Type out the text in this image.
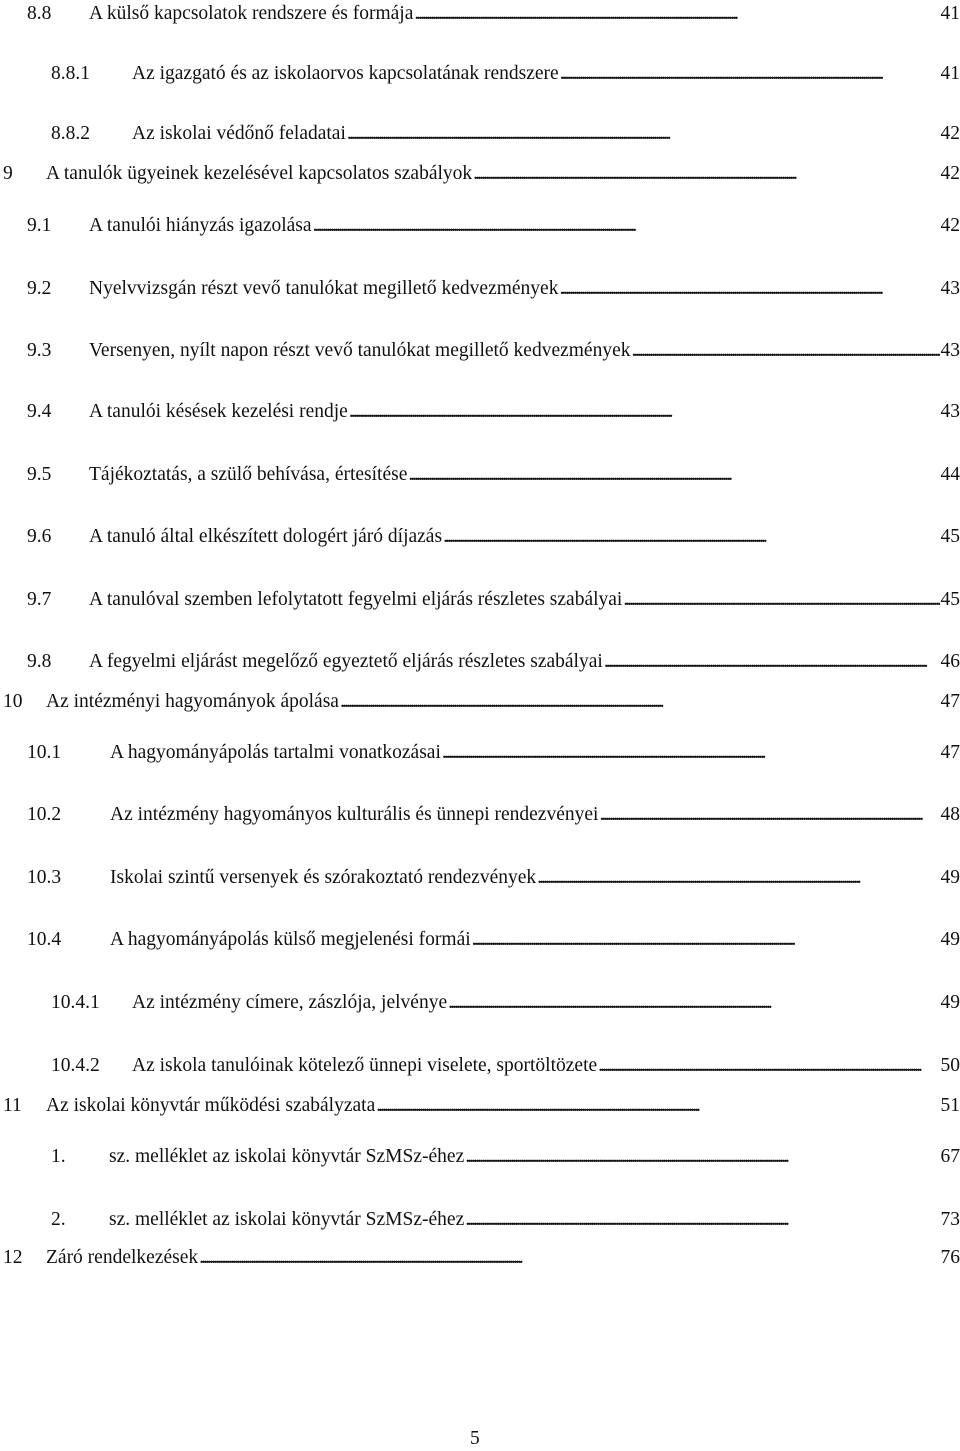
8.8	A külső kapcsolatok rendszere és formája . . .	41
8.8.1	Az igazgató és az iskolaorvos kapcsolatának rendszere . . .	41
8.8.2	Az iskolai védőnő feladatai . . .	42
9	A tanulók ügyeinek kezelésével kapcsolatos szabályok . . .	42
9.1	A tanulói hiányzás igazolása . . .	42
9.2	Nyelvvizsgán részt vevő tanulókat megillető kedvezmények . . .	43
9.3	Versenyen, nyílt napon részt vevő tanulókat megillető kedvezmények . . .	43
9.4	A tanulói késések kezelési rendje . . .	43
9.5	Tájékoztatás, a szülő behívása, értesítése . . .	44
9.6	A tanuló által elkészített dologért járó díjazás . . .	45
9.7	A tanulóval szemben lefolytatott fegyelmi eljárás részletes szabályai . . .	45
9.8	A fegyelmi eljárást megelőző egyeztető eljárás részletes szabályai . . .	46
10	Az intézményi hagyományok ápolása . . .	47
10.1	A hagyományápolás tartalmi vonatkozásai . . .	47
10.2	Az intézmény hagyományos kulturális és ünnepi rendezvényei . . .	48
10.3	Iskolai szintű versenyek és szórakoztató rendezvények . . .	49
10.4	A hagyományápolás külső megjelenési formái . . .	49
10.4.1	Az intézmény címere, zászlója, jelvénye . . .	49
10.4.2	Az iskola tanulóinak kötelező ünnepi viselete, sportöltözete . . .	50
11	Az iskolai könyvtár működési szabályzata . . .	51
1.	sz. melléklet az iskolai könyvtár SzMSz-éhez . . .	67
2.	sz. melléklet az iskolai könyvtár SzMSz-éhez . . .	73
12	Záró rendelkezések . . .	76
5
